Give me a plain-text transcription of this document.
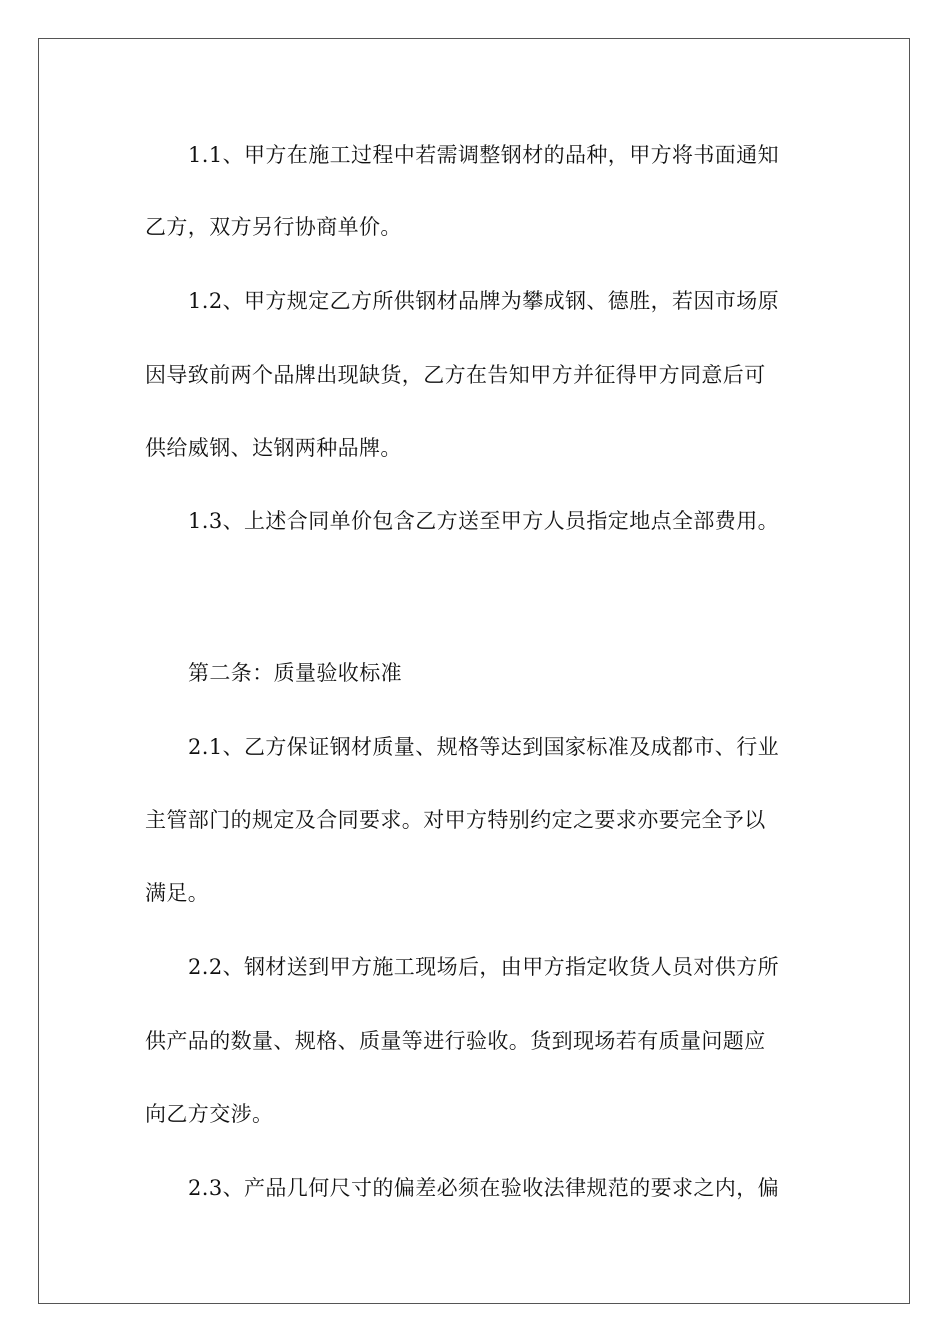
1.1、甲方在施工过程中若需调整钢材的品种，甲方将书面通知
乙方，双方另行协商单价。
1.2、甲方规定乙方所供钢材品牌为攀成钢、德胜，若因市场原
因导致前两个品牌出现缺货，乙方在告知甲方并征得甲方同意后可
供给威钢、达钢两种品牌。
1.3、上述合同单价包含乙方送至甲方人员指定地点全部费用。
第二条：质量验收标准
2.1、乙方保证钢材质量、规格等达到国家标准及成都市、行业
主管部门的规定及合同要求。对甲方特别约定之要求亦要完全予以
满足。
2.2、钢材送到甲方施工现场后，由甲方指定收货人员对供方所
供产品的数量、规格、质量等进行验收。货到现场若有质量问题应
向乙方交涉。
2.3、产品几何尺寸的偏差必须在验收法律规范的要求之内，偏
